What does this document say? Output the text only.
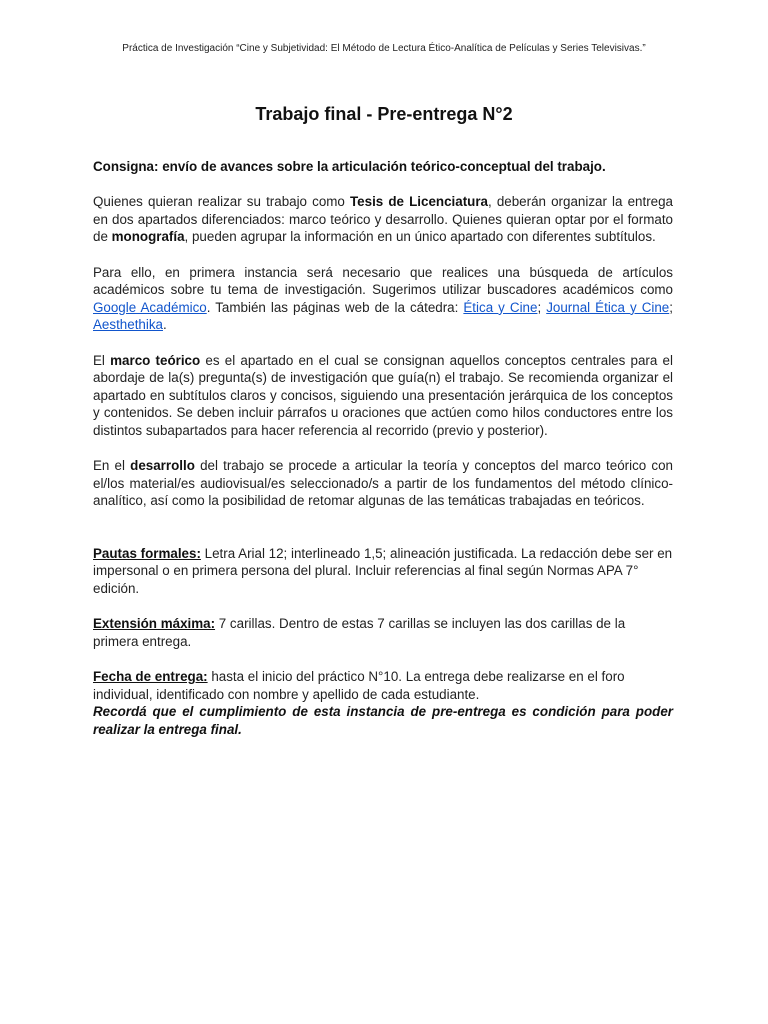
Práctica de Investigación “Cine y Subjetividad: El Método de Lectura Ético-Analítica de Películas y Series Televisivas.”
Trabajo final - Pre-entrega N°2

Consigna: envío de avances sobre la articulación teórico-conceptual del trabajo.

Quienes quieran realizar su trabajo como Tesis de Licenciatura, deberán organizar la entrega en dos apartados diferenciados: marco teórico y desarrollo. Quienes quieran optar por el formato de monografía, pueden agrupar la información en un único apartado con diferentes subtítulos.

Para ello, en primera instancia será necesario que realices una búsqueda de artículos académicos sobre tu tema de investigación. Sugerimos utilizar buscadores académicos como Google Académico. También las páginas web de la cátedra: Ética y Cine; Journal Ética y Cine; Aesthethika.

El marco teórico es el apartado en el cual se consignan aquellos conceptos centrales para el abordaje de la(s) pregunta(s) de investigación que guía(n) el trabajo. Se recomienda organizar el apartado en subtítulos claros y concisos, siguiendo una presentación jerárquica de los conceptos y contenidos. Se deben incluir párrafos u oraciones que actúen como hilos conductores entre los distintos subapartados para hacer referencia al recorrido (previo y posterior).

En el desarrollo del trabajo se procede a articular la teoría y conceptos del marco teórico con el/los material/es audiovisual/es seleccionado/s a partir de los fundamentos del método clínico-analítico, así como la posibilidad de retomar algunas de las temáticas trabajadas en teóricos.

Pautas formales: Letra Arial 12; interlineado 1,5; alineación justificada. La redacción debe ser en impersonal o en primera persona del plural. Incluir referencias al final según Normas APA 7° edición.

Extensión máxima: 7 carillas. Dentro de estas 7 carillas se incluyen las dos carillas de la primera entrega.

Fecha de entrega: hasta el inicio del práctico N°10. La entrega debe realizarse en el foro individual, identificado con nombre y apellido de cada estudiante.

Recordá que el cumplimiento de esta instancia de pre-entrega es condición para poder realizar la entrega final.
